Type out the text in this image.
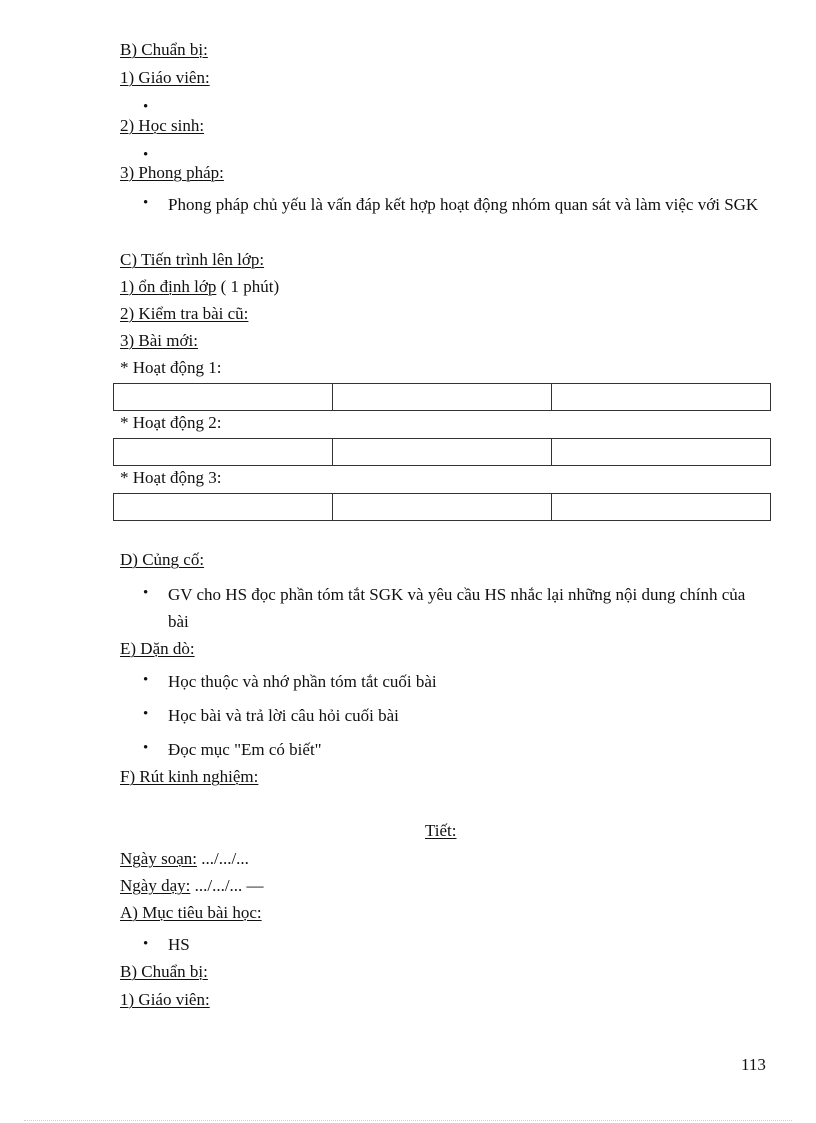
B) Chuẩn bị:
1) Giáo viên:
•
2) Học sinh:
•
3) Phong pháp:
• Phong pháp chủ yếu là vấn đáp kết hợp hoạt động nhóm quan sát và làm việc với SGK
C) Tiến trình lên lớp:
1) ổn định lớp ( 1 phút)
2) Kiểm tra bài cũ:
3) Bài mới:
* Hoạt động 1:
* Hoạt động 2:
* Hoạt động 3:
D) Củng cố:
• GV cho HS đọc phần tóm tắt SGK và yêu cầu HS nhắc lại những nội dung chính của bài
E) Dặn dò:
• Học thuộc và nhớ phần tóm tắt cuối bài
• Học bài và trả lời câu hỏi cuối bài
• Đọc mục "Em có biết"
F) Rút kinh nghiệm:
Tiết:
Ngày soạn: .../.../...
Ngày dạy: .../.../... —
A) Mục tiêu bài học:
• HS
B) Chuẩn bị:
1) Giáo viên:
113
